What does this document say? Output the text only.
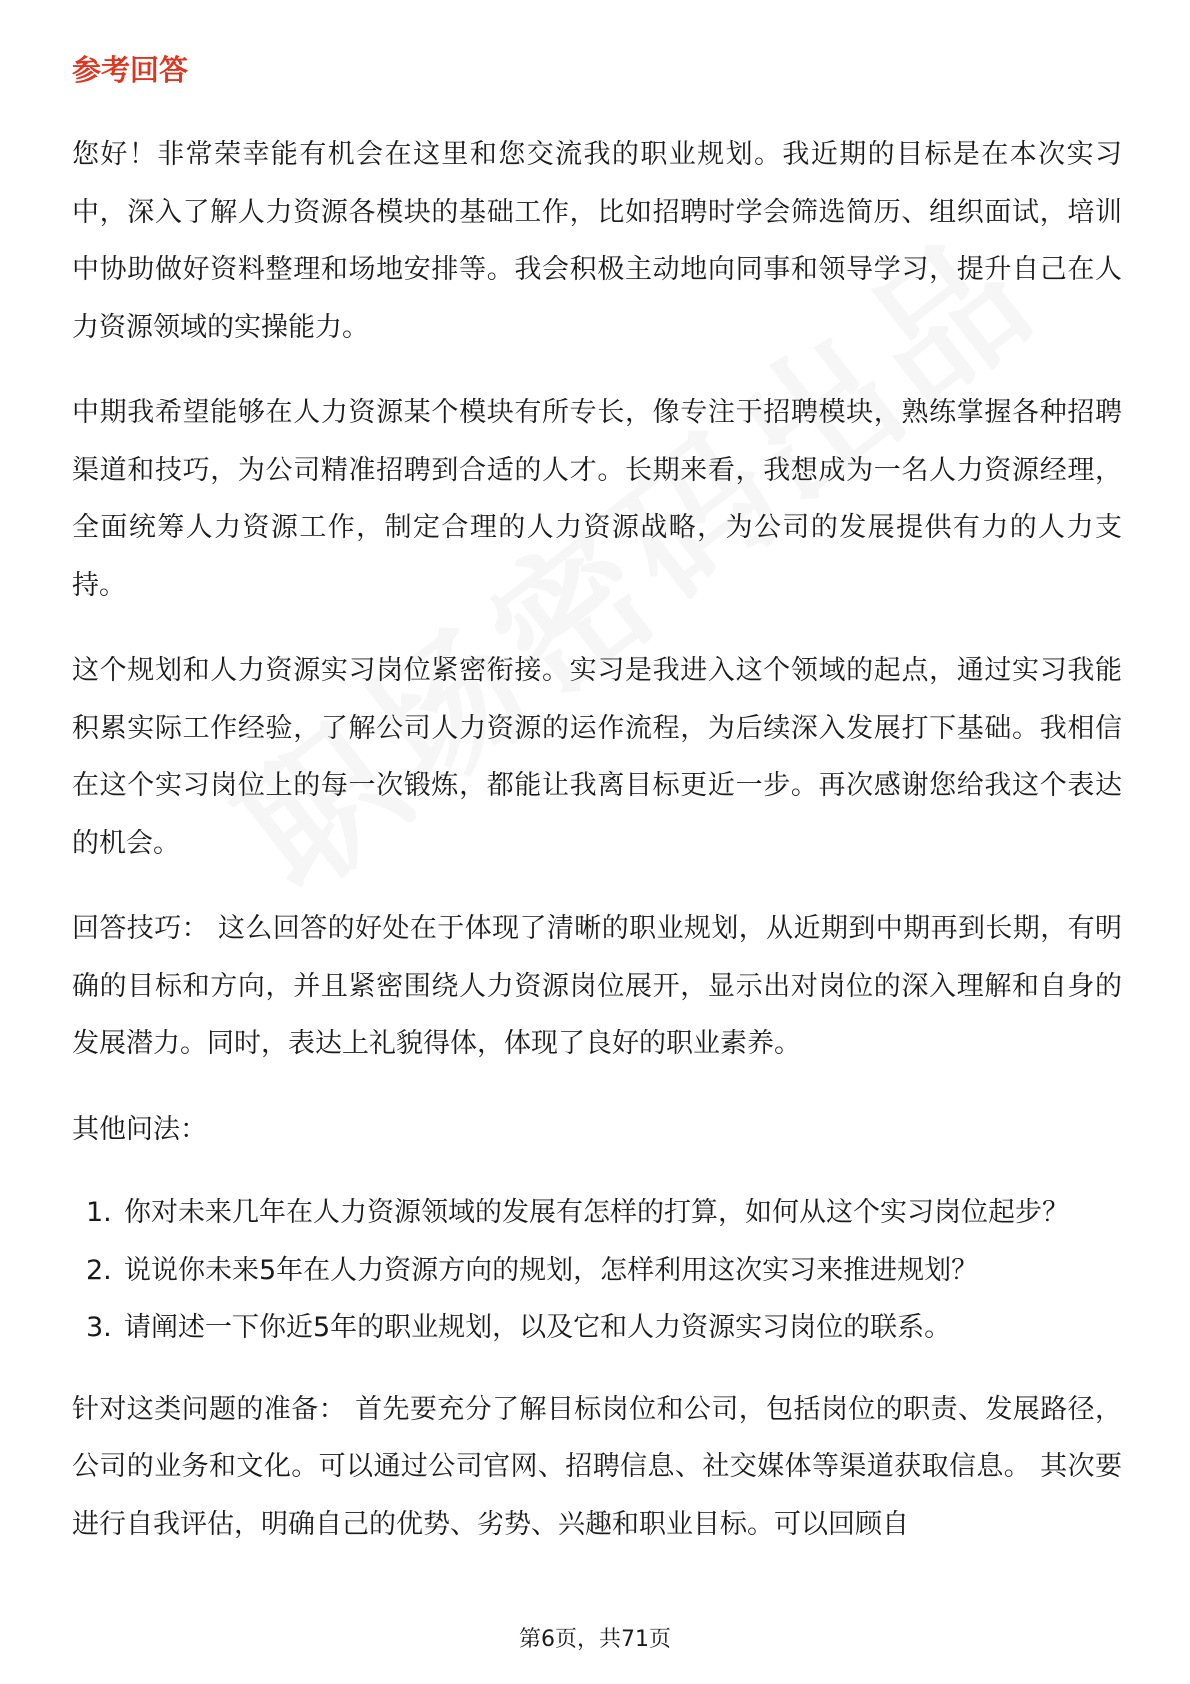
参考回答

您好！非常荣幸能有机会在这里和您交流我的职业规划。我近期的目标是在本次实习中，深入了解人力资源各模块的基础工作，比如招聘时学会筛选简历、组织面试，培训中协助做好资料整理和场地安排等。我会积极主动地向同事和领导学习，提升自己在人力资源领域的实操能力。

中期我希望能够在人力资源某个模块有所专长，像专注于招聘模块，熟练掌握各种招聘渠道和技巧，为公司精准招聘到合适的人才。长期来看，我想成为一名人力资源经理，全面统筹人力资源工作，制定合理的人力资源战略，为公司的发展提供有力的人力支持。

这个规划和人力资源实习岗位紧密衔接。实习是我进入这个领域的起点，通过实习我能积累实际工作经验，了解公司人力资源的运作流程，为后续深入发展打下基础。我相信在这个实习岗位上的每一次锻炼，都能让我离目标更近一步。再次感谢您给我这个表达的机会。

回答技巧： 这么回答的好处在于体现了清晰的职业规划，从近期到中期再到长期，有明确的目标和方向，并且紧密围绕人力资源岗位展开，显示出对岗位的深入理解和自身的发展潜力。同时，表达上礼貌得体，体现了良好的职业素养。

其他问法：
1. 你对未来几年在人力资源领域的发展有怎样的打算，如何从这个实习岗位起步？
2. 说说你未来5年在人力资源方向的规划，怎样利用这次实习来推进规划？
3. 请阐述一下你近5年的职业规划，以及它和人力资源实习岗位的联系。

针对这类问题的准备： 首先要充分了解目标岗位和公司，包括岗位的职责、发展路径，公司的业务和文化。可以通过公司官网、招聘信息、社交媒体等渠道获取信息。 其次要进行自我评估，明确自己的优势、劣势、兴趣和职业目标。可以回顾自

第6页，共71页
